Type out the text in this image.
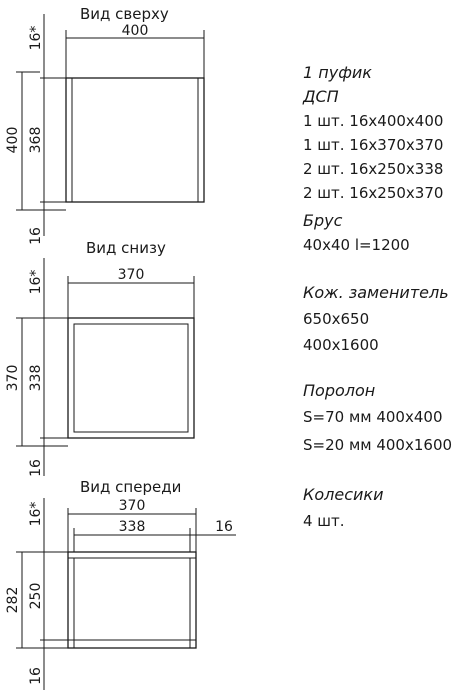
Вид сверху
400
16*
368
16
400
Вид снизу
370
16*
338
16
370
Вид спереди
370
338	16
16*
250
16
282
1 пуфик
ДСП
1 шт. 16х400х400
1 шт. 16х370х370
2 шт. 16х250х338
2 шт. 16х250х370
Брус
40х40 l=1200
Кож. заменитель
650х650
400х1600
Поролон
S=70 мм 400х400
S=20 мм 400х1600
Колесики
4 шт.
